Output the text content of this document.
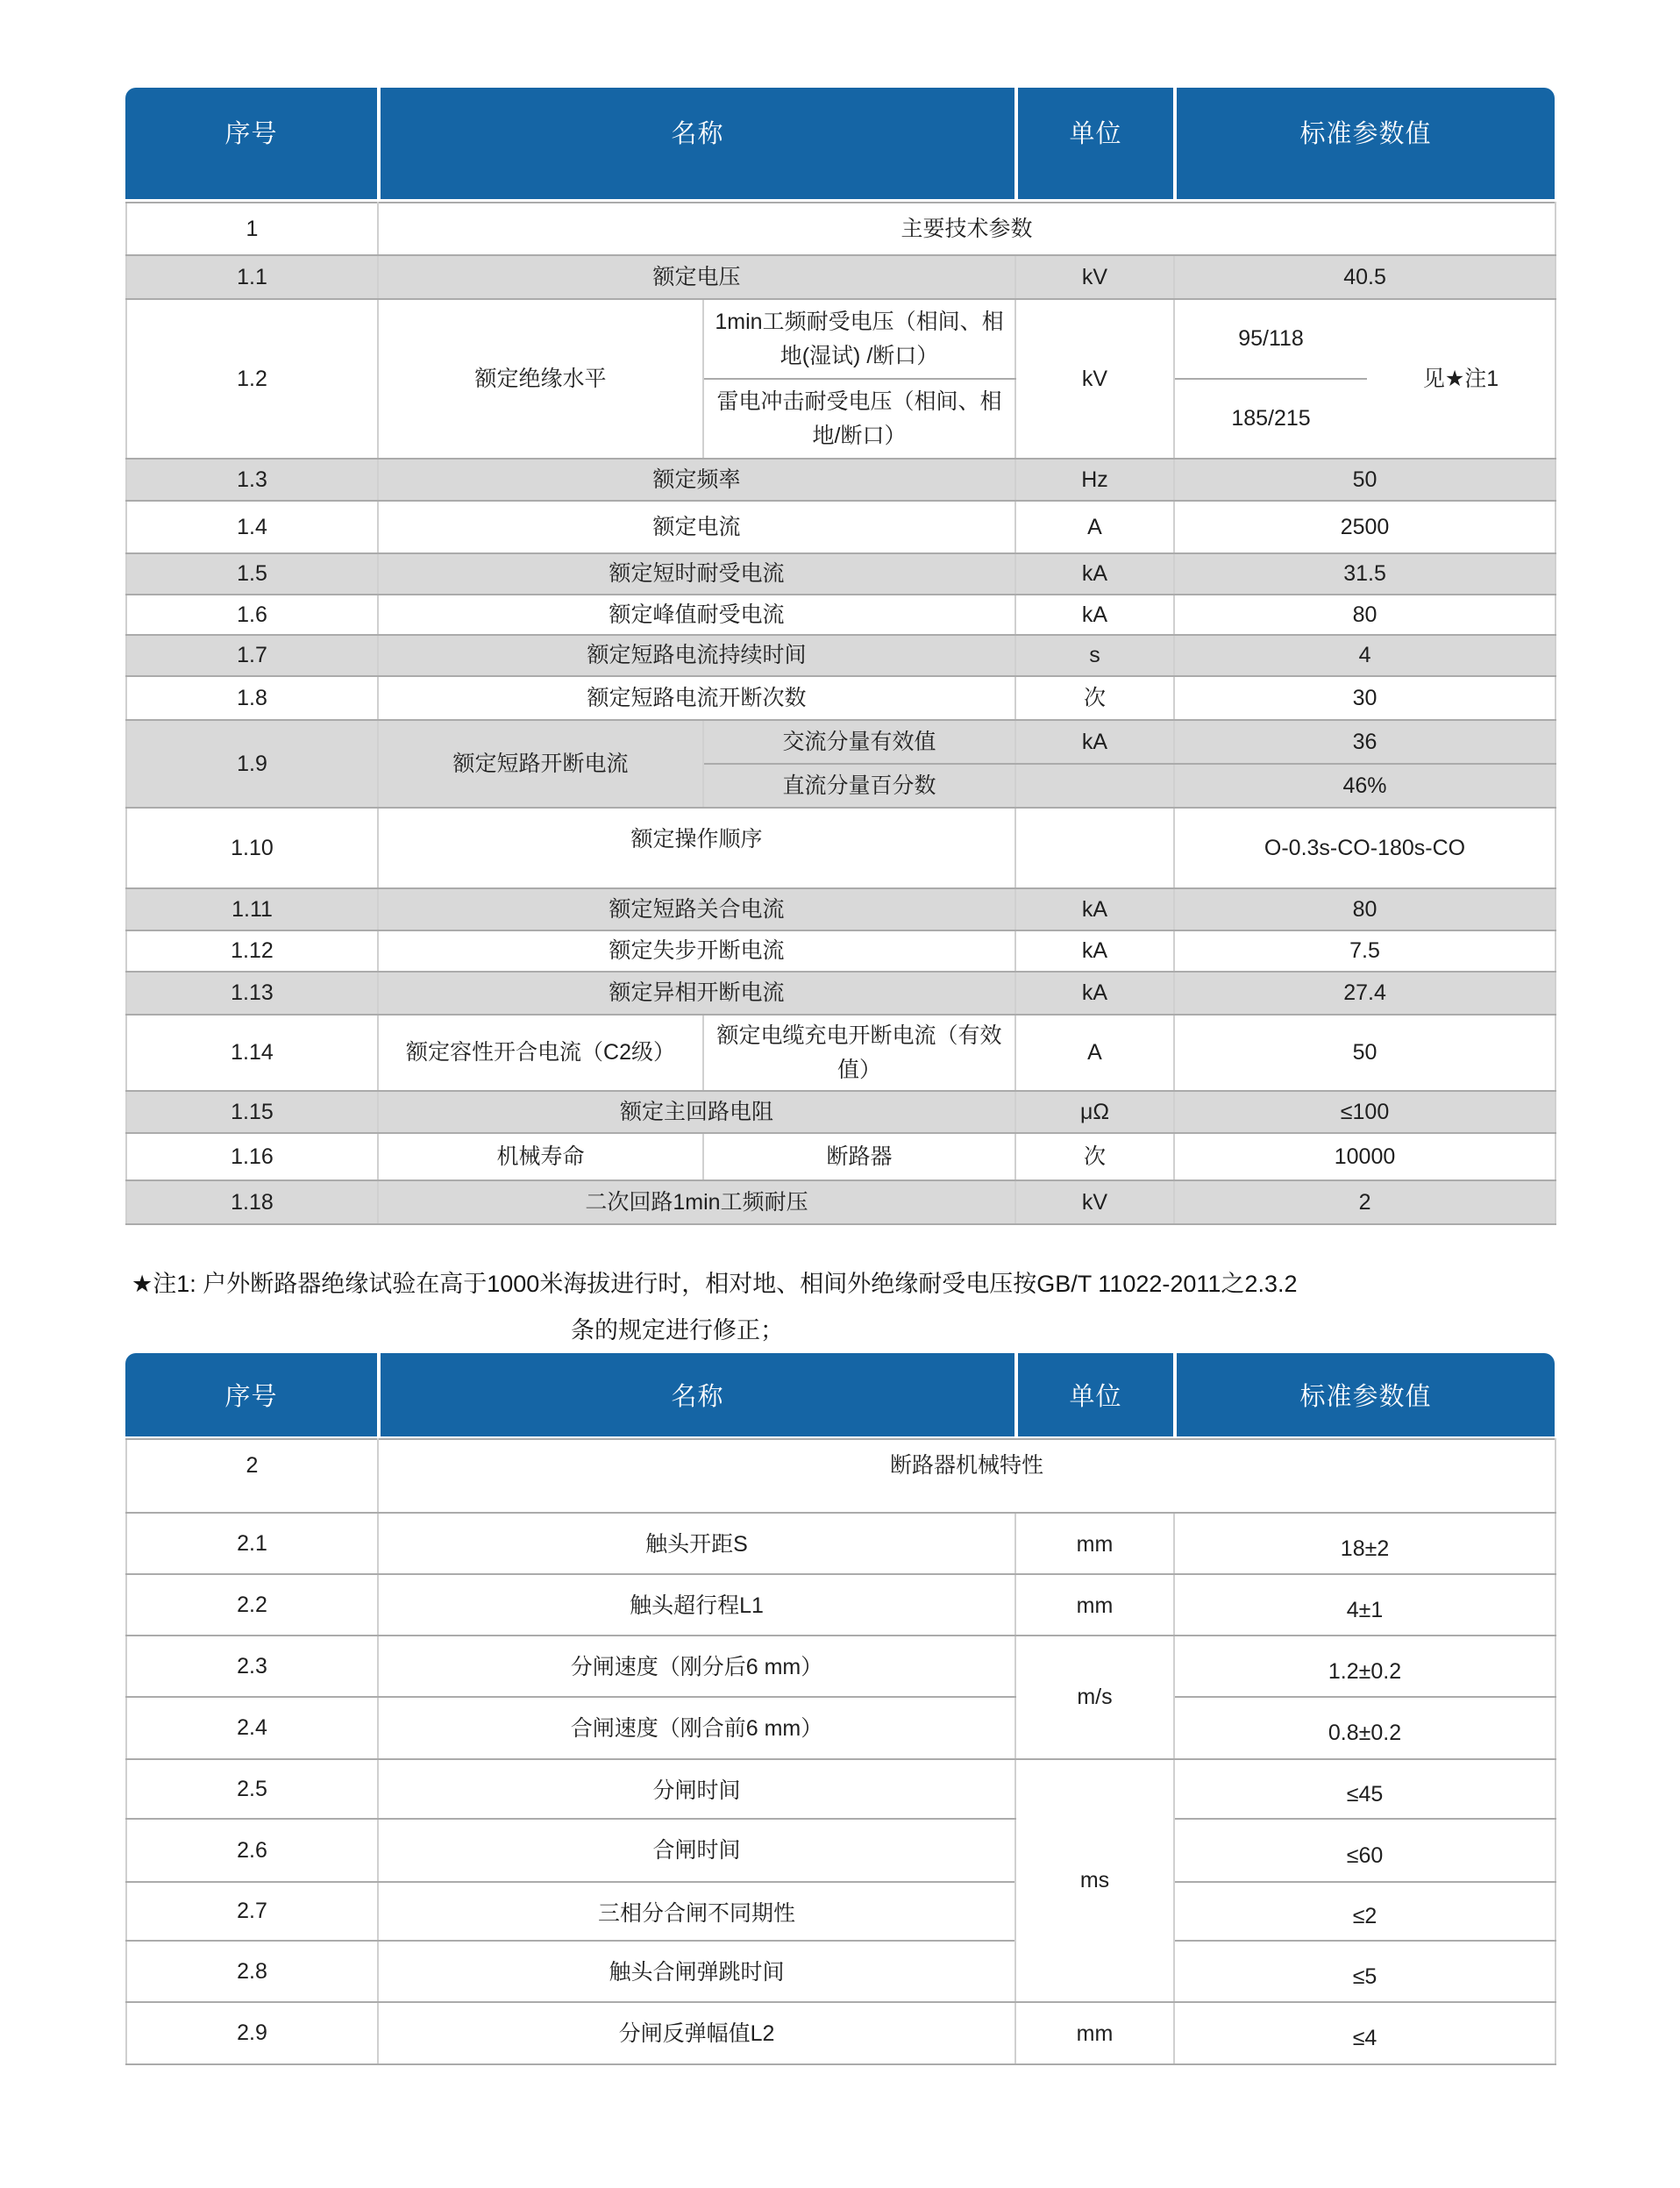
序号	名称	单位	标准参数值
1	主要技术参数				
1.1	额定电压		kV	40.5	
1.2	额定绝缘水平	1min工频耐受电压（相间、相地(湿试) /断口）	kV	95/118	见★注1
		雷电冲击耐受电压（相间、相地/断口）		185/215	
1.3	额定频率		Hz	50	
1.4	额定电流		A	2500	
1.5	额定短时耐受电流		kA	31.5	
1.6	额定峰值耐受电流		kA	80	
1.7	额定短路电流持续时间		s	4	
1.8	额定短路电流开断次数		次	30	
1.9	额定短路开断电流	交流分量有效值	kA	36	
		直流分量百分数		46%	
1.10	额定操作顺序			O-0.3s-CO-180s-CO	
1.11	额定短路关合电流		kA	80	
1.12	额定失步开断电流		kA	7.5	
1.13	额定异相开断电流		kA	27.4	
1.14	额定容性开合电流（C2级）	额定电缆充电开断电流（有效值）	A	50	
1.15	额定主回路电阻		μΩ	≤100	
1.16	机械寿命	断路器	次	10000	
1.18	二次回路1min工频耐压		kV	2	
★注1: 户外断路器绝缘试验在高于1000米海拔进行时，相对地、相间外绝缘耐受电压按GB/T 11022-2011之2.3.2
条的规定进行修正；
序号	名称	单位	标准参数值
2	断路器机械特性		
2.1	触头开距S	mm	18±2
2.2	触头超行程L1	mm	4±1
2.3	分闸速度（刚分后6 mm）	m/s	1.2±0.2
2.4	合闸速度（刚合前6 mm）		0.8±0.2
2.5	分闸时间	ms	≤45
2.6	合闸时间		≤60
2.7	三相分合闸不同期性		≤2
2.8	触头合闸弹跳时间		≤5
2.9	分闸反弹幅值L2	mm	≤4
